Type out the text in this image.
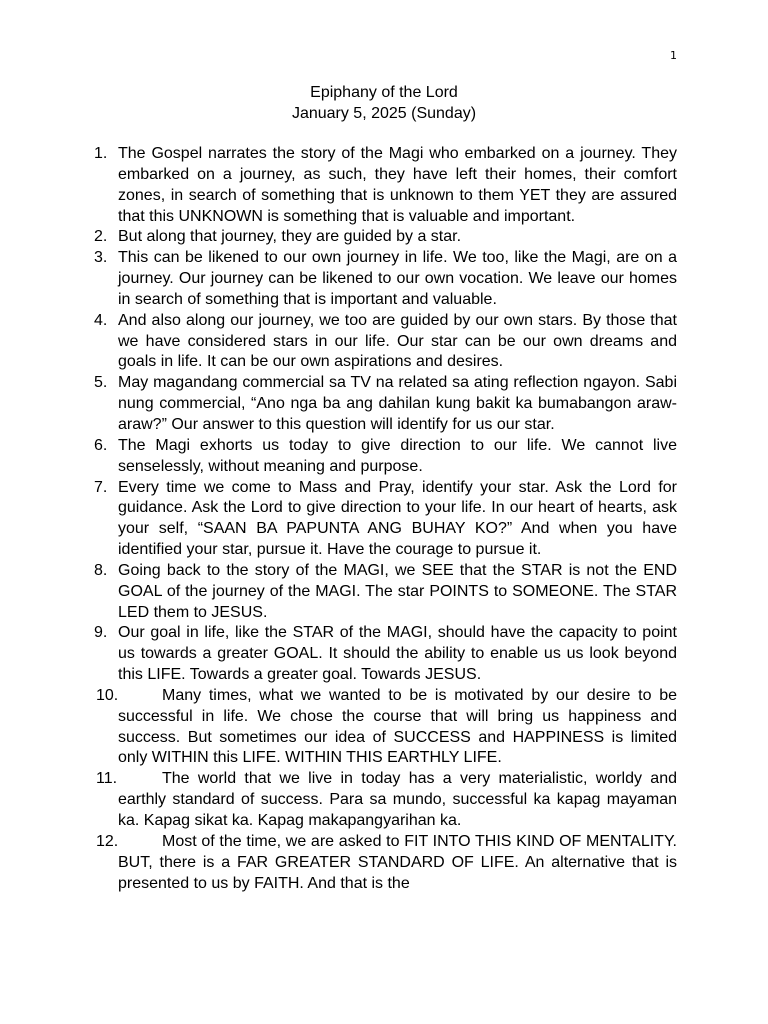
1
Epiphany of the Lord
January 5, 2025 (Sunday)
1. The Gospel narrates the story of the Magi who embarked on a journey. They embarked on a journey, as such, they have left their homes, their comfort zones, in search of something that is unknown to them YET they are assured that this UNKNOWN is something that is valuable and important.
2. But along that journey, they are guided by a star.
3. This can be likened to our own journey in life. We too, like the Magi, are on a journey. Our journey can be likened to our own vocation. We leave our homes in search of something that is important and valuable.
4. And also along our journey, we too are guided by our own stars. By those that we have considered stars in our life. Our star can be our own dreams and goals in life. It can be our own aspirations and desires.
5. May magandang commercial sa TV na related sa ating reflection ngayon. Sabi nung commercial, “Ano nga ba ang dahilan kung bakit ka bumabangon araw-araw?” Our answer to this question will identify for us our star.
6. The Magi exhorts us today to give direction to our life. We cannot live senselessly, without meaning and purpose.
7. Every time we come to Mass and Pray, identify your star. Ask the Lord for guidance. Ask the Lord to give direction to your life. In our heart of hearts, ask your self, “SAAN BA PAPUNTA ANG BUHAY KO?” And when you have identified your star, pursue it. Have the courage to pursue it.
8. Going back to the story of the MAGI, we SEE that the STAR is not the END GOAL of the journey of the MAGI. The star POINTS to SOMEONE. The STAR LED them to JESUS.
9. Our goal in life, like the STAR of the MAGI, should have the capacity to point us towards a greater GOAL. It should the ability to enable us us look beyond this LIFE. Towards a greater goal. Towards JESUS.
10.	Many times, what we wanted to be is motivated by our desire to be successful in life. We chose the course that will bring us happiness and success. But sometimes our idea of SUCCESS and HAPPINESS is limited only WITHIN this LIFE. WITHIN THIS EARTHLY LIFE.
11.	The world that we live in today has a very materialistic, worldy and earthly standard of success. Para sa mundo, successful ka kapag mayaman ka. Kapag sikat ka. Kapag makapangyarihan ka.
12.	Most of the time, we are asked to FIT INTO THIS KIND OF MENTALITY. BUT, there is a FAR GREATER STANDARD OF LIFE. An alternative that is presented to us by FAITH. And that is the
